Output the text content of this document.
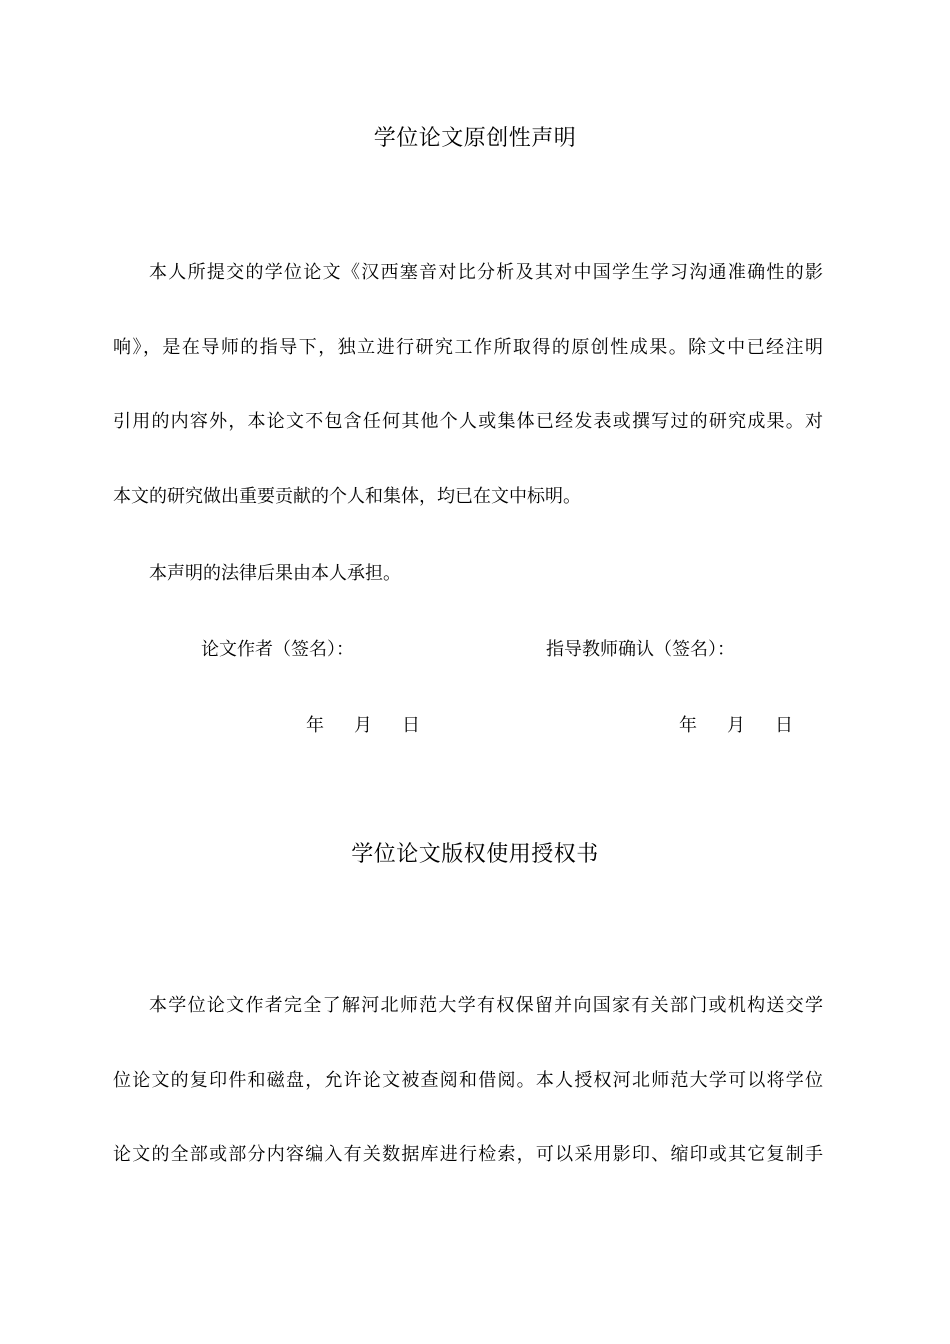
学位论文原创性声明

本人所提交的学位论文《汉西塞音对比分析及其对中国学生学习沟通准确性的影

响》，是在导师的指导下，独立进行研究工作所取得的原创性成果。除文中已经注明

引用的内容外，本论文不包含任何其他个人或集体已经发表或撰写过的研究成果。对

本文的研究做出重要贡献的个人和集体，均已在文中标明。

本声明的法律后果由本人承担。

论文作者（签名）：	指导教师确认（签名）：
年 月 日	年 月 日
学位论文版权使用授权书

本学位论文作者完全了解河北师范大学有权保留并向国家有关部门或机构送交学

位论文的复印件和磁盘，允许论文被查阅和借阅。本人授权河北师范大学可以将学位

论文的全部或部分内容编入有关数据库进行检索，可以采用影印、缩印或其它复制手
